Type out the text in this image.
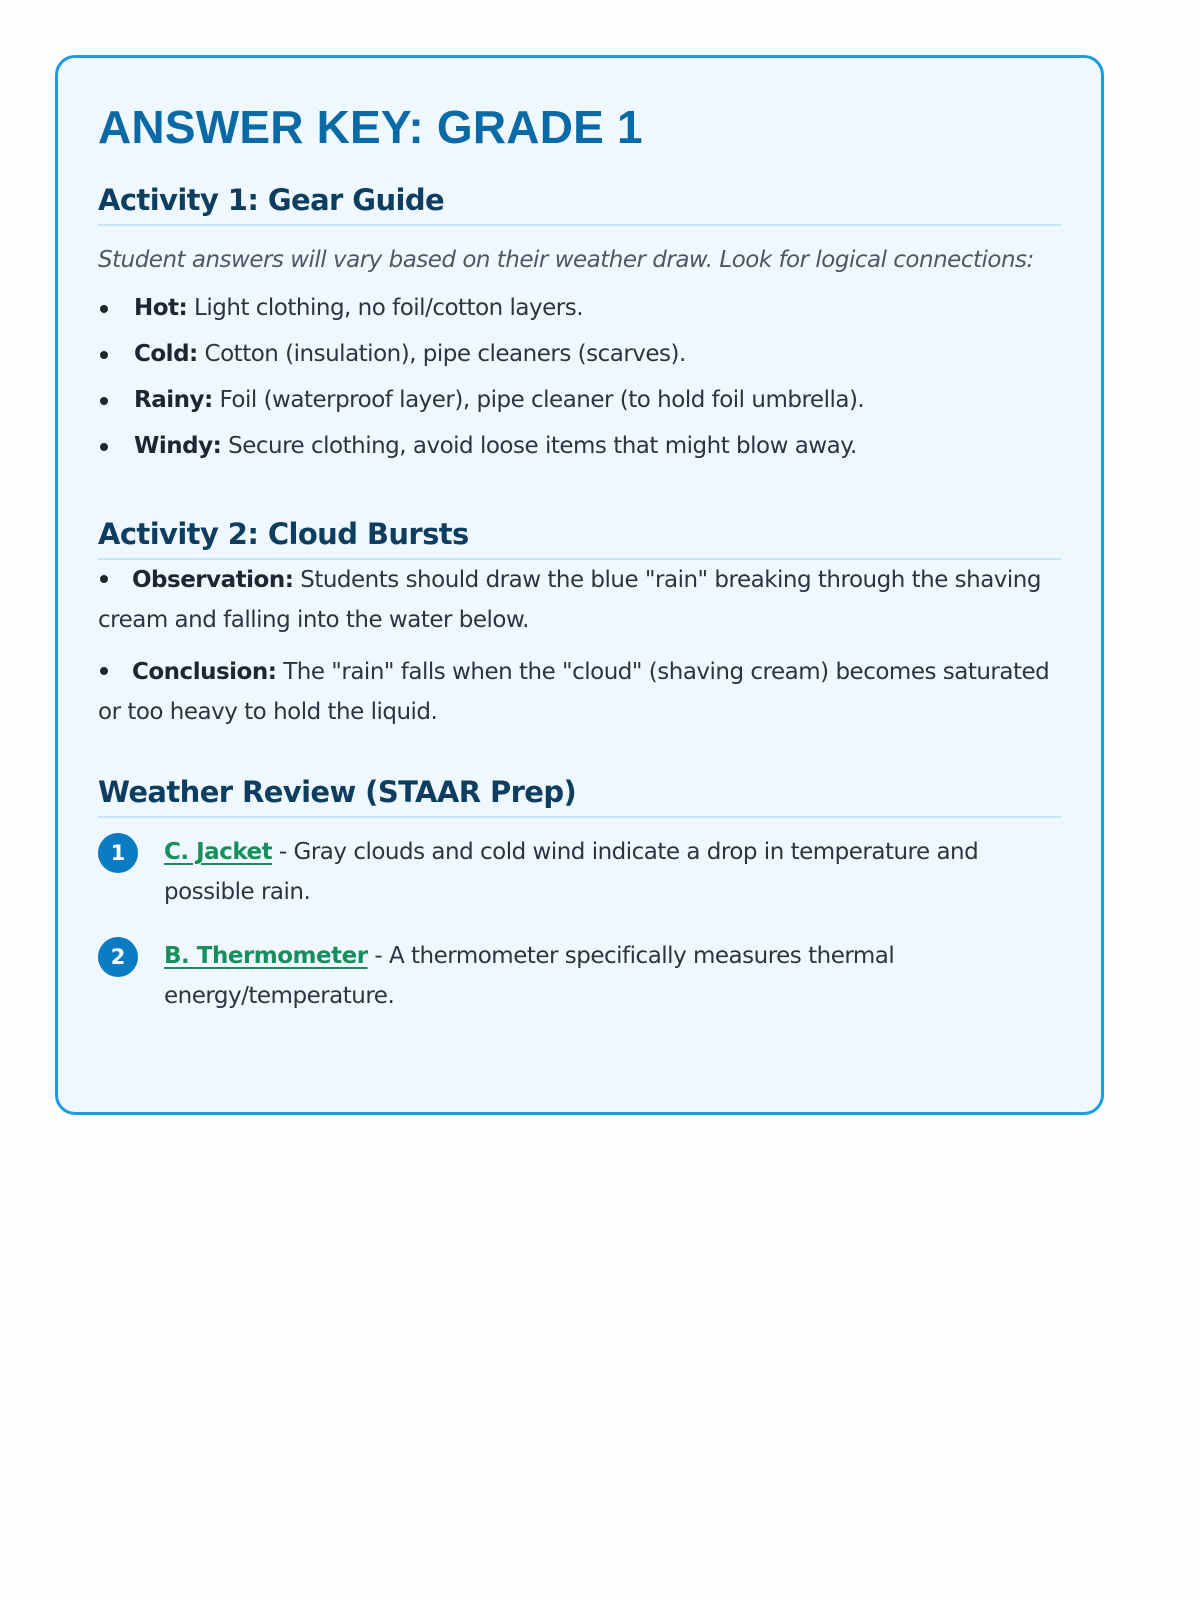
ANSWER KEY: GRADE 1
Activity 1: Gear Guide

Student answers will vary based on their weather draw. Look for logical connections:

Hot: Light clothing, no foil/cotton layers.
Cold: Cotton (insulation), pipe cleaners (scarves).
Rainy: Foil (waterproof layer), pipe cleaner (to hold foil umbrella).
Windy: Secure clothing, avoid loose items that might blow away.
Activity 2: Cloud Bursts
Observation: Students should draw the blue "rain" breaking through the shaving cream and falling into the water below.
Conclusion: The "rain" falls when the "cloud" (shaving cream) becomes saturated or too heavy to hold the liquid.
Weather Review (STAAR Prep)
1	C. Jacket - Gray clouds and cold wind indicate a drop in temperature and possible rain.
2	B. Thermometer - A thermometer specifically measures thermal energy/temperature.
